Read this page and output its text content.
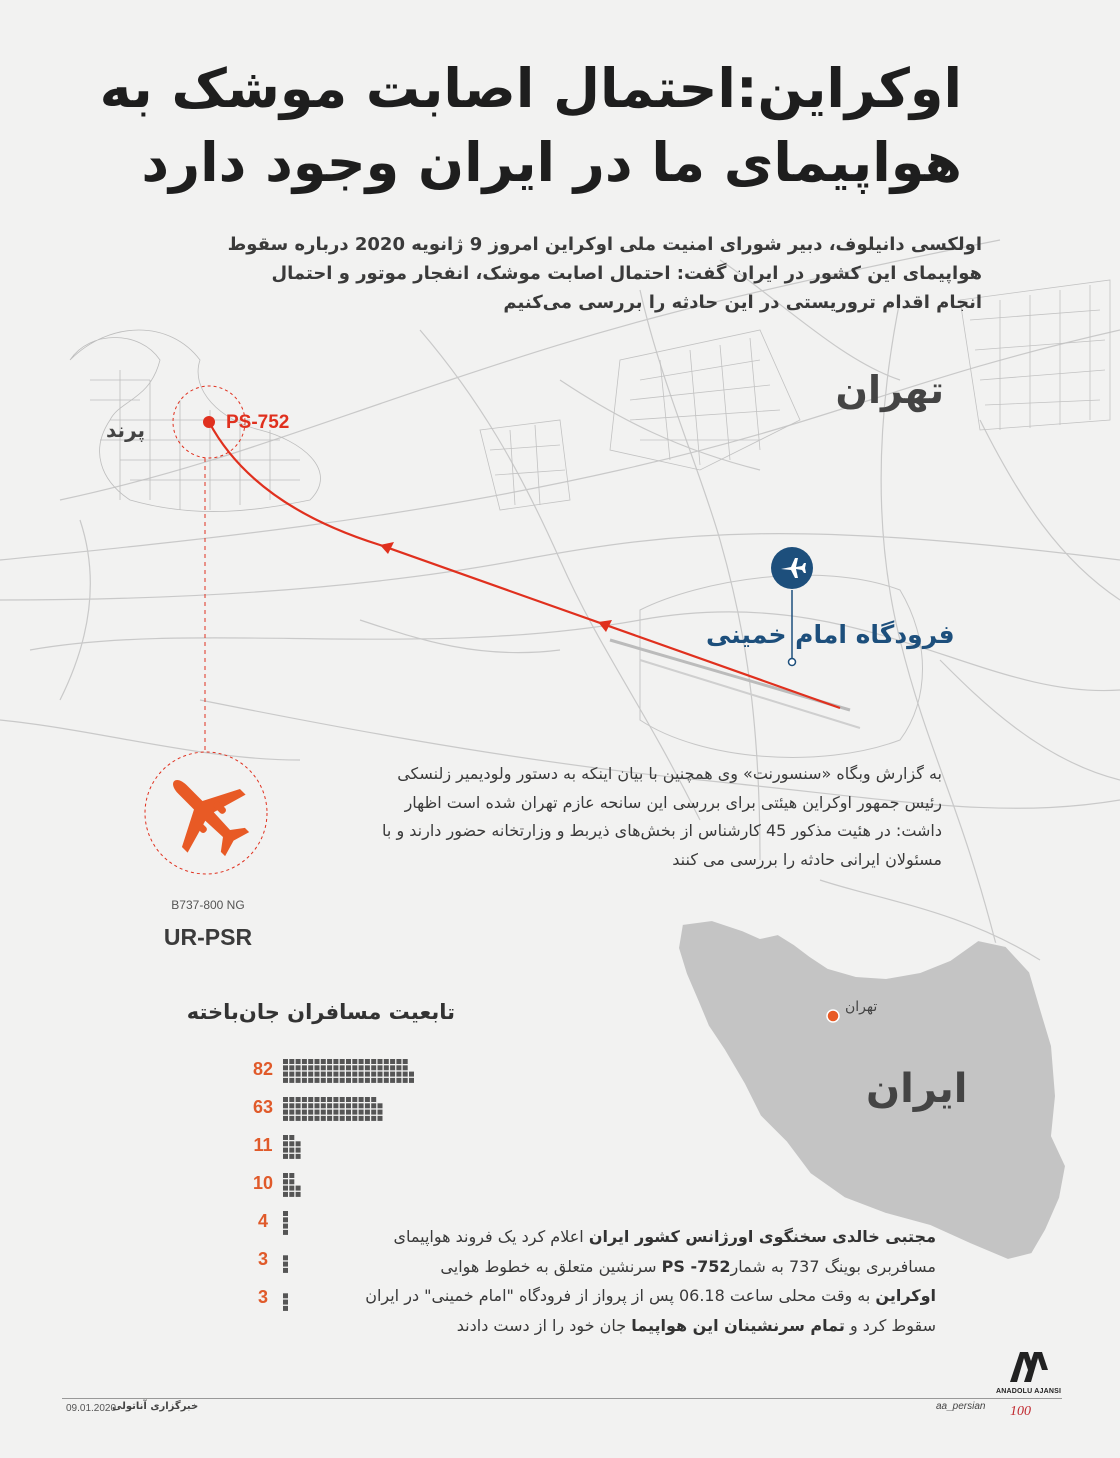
اوکراین:احتمال اصابت موشک به
هواپیمای ما در ایران وجود دارد
اولکسی دانیلوف، دبیر شورای امنیت ملی اوکراین امروز 9 ژانویه 2020 درباره سقوط
هواپیمای این کشور در ایران گفت: احتمال اصابت موشک، انفجار موتور و احتمال
انجام اقدام تروریستی در این حادثه را بررسی می‌کنیم
تهران
پرند	PS-752
فرودگاه امام خمینی
به گزارش وبگاه «سنسورنت» وی همچنین با بیان اینکه به دستور ولودیمیر زلنسکی
رئیس جمهور اوکراین هیئتی برای بررسی این سانحه عازم تهران شده است اظهار
داشت: در هئیت مذکور 45 کارشناس از بخش‌های ذیربط و وزارتخانه حضور دارند و با
مسئولان ایرانی حادثه را بررسی می کنند
B737-800 NG
UR-PSR
تابعیت مسافران جان‌باخته
82
63
11
10
4
3
3
ایران
تهران
مجتبی خالدی سخنگوی اورژانس کشور ایران اعلام کرد یک فروند هواپیمای
مسافربری بوینگ 737 به شمارPS -752 سرنشین متعلق به خطوط هوایی
اوکراین به وقت محلی ساعت 06.18 پس از پرواز از فرودگاه "امام خمینی" در ایران
سقوط کرد و تمام سرنشینان این هواپیما جان خود را از دست دادند
09.01.2020
خبرگزاری آناتولی	aa_persian
ANADOLU AJANSI
100
